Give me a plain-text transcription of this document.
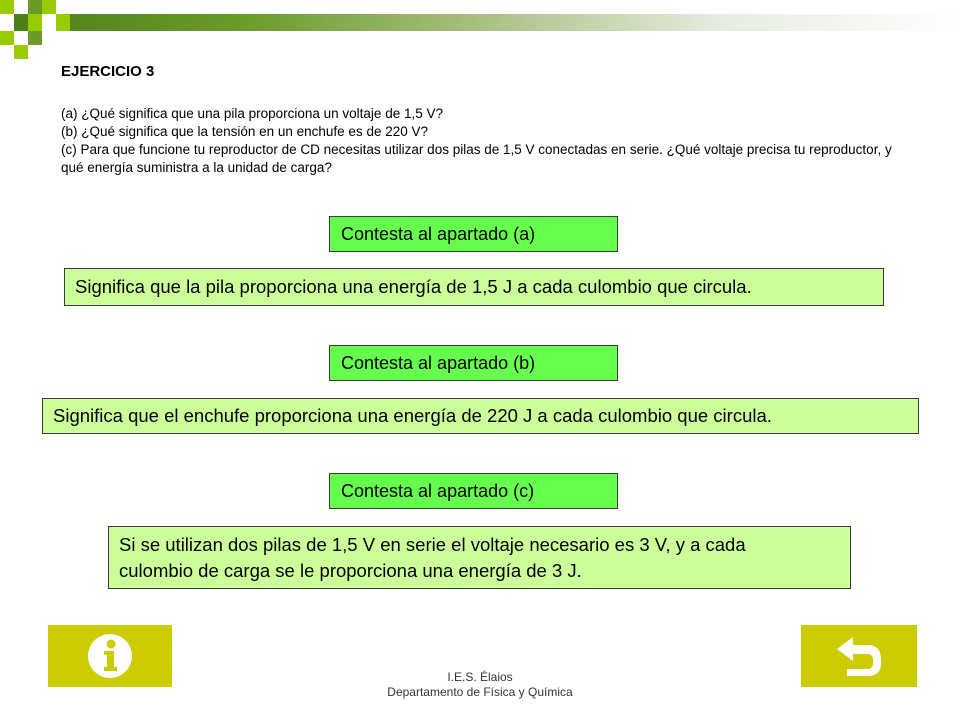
EJERCICIO 3

(a) ¿Qué significa que una pila proporciona un voltaje de 1,5 V?

(b) ¿Qué significa que la tensión en un enchufe es de 220 V?

(c) Para que funcione tu reproductor de CD necesitas utilizar dos pilas de 1,5 V conectadas en serie. ¿Qué voltaje precisa tu reproductor, y qué energía suministra a la unidad de carga?

Contesta al apartado (a)
Significa que la pila proporciona una energía de 1,5 J a cada culombio que circula.
Contesta al apartado (b)
Significa que el enchufe proporciona una energía de 220 J a cada culombio que circula.
Contesta al apartado (c)
Si se utilizan dos pilas de 1,5 V en serie el voltaje necesario es 3 V, y a cada culombio de carga se le proporciona una energía de 3 J.
I.E.S. Élaios
Departamento de Física y Química
